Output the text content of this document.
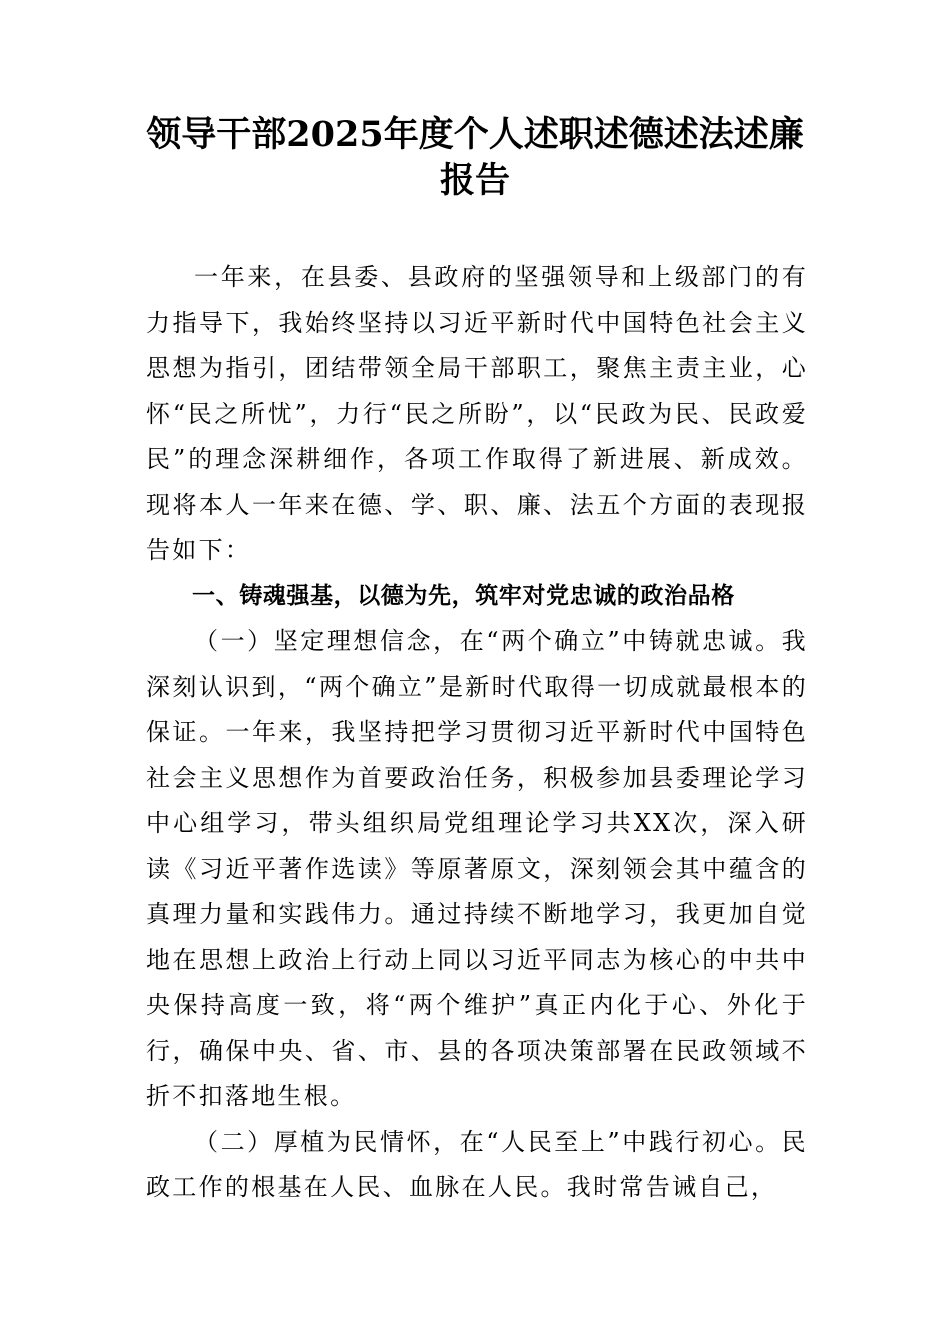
领导干部2025年度个人述职述德述法述廉
报告

一年来，在县委、县政府的坚强领导和上级部门的有力指导下，我始终坚持以习近平新时代中国特色社会主义思想为指引，团结带领全局干部职工，聚焦主责主业，心怀“民之所忧”，力行“民之所盼”，以“民政为民、民政爱民”的理念深耕细作，各项工作取得了新进展、新成效。现将本人一年来在德、学、职、廉、法五个方面的表现报告如下：

一、铸魂强基，以德为先，筑牢对党忠诚的政治品格

（一）坚定理想信念，在“两个确立”中铸就忠诚。我深刻认识到，“两个确立”是新时代取得一切成就最根本的保证。一年来，我坚持把学习贯彻习近平新时代中国特色社会主义思想作为首要政治任务，积极参加县委理论学习中心组学习，带头组织局党组理论学习共XX次，深入研读《习近平著作选读》等原著原文，深刻领会其中蕴含的真理力量和实践伟力。通过持续不断地学习，我更加自觉地在思想上政治上行动上同以习近平同志为核心的中共中央保持高度一致，将“两个维护”真正内化于心、外化于行，确保中央、省、市、县的各项决策部署在民政领域不折不扣落地生根。

（二）厚植为民情怀，在“人民至上”中践行初心。民政工作的根基在人民、血脉在人民。我时常告诫自己，
